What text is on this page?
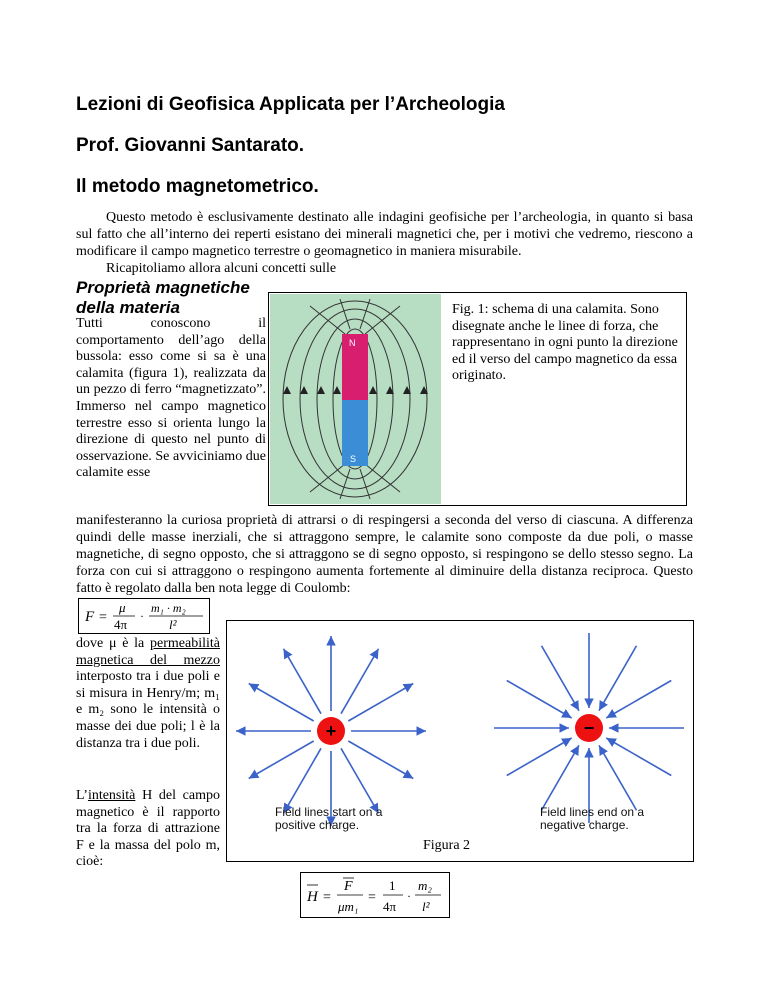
Lezioni di Geofisica Applicata per l’Archeologia
Prof. Giovanni Santarato.
Il metodo magnetometrico.
Questo metodo è esclusivamente destinato alle indagini geofisiche per l’archeologia, in quanto si basa sul fatto che all’interno dei reperti esistano dei minerali magnetici che, per i motivi che vedremo, riescono a modificare il campo magnetico terrestre o geomagnetico in maniera misurabile.
Ricapitoliamo allora alcuni concetti sulle
Proprietà magnetiche
della materia
Tutti conoscono il comportamento dell’ago della bussola: esso come si sa è una calamita (figura 1), realizzata da un pezzo di ferro “magnetizzato”. Immerso nel campo magnetico terrestre esso si orienta lungo la direzione di questo nel punto di osservazione. Se avviciniamo due calamite esse
N
S
Fig. 1: schema di una calamita. Sono disegnate anche le linee di forza, che rappresentano in ogni punto la direzione ed il verso del campo magnetico da essa originato.
manifesteranno la curiosa proprietà di attrarsi o di respingersi a seconda del verso di ciascuna. A differenza quindi delle masse inerziali, che si attraggono sempre, le calamite sono composte da due poli, o masse magnetiche, di segno opposto, che si attraggono se di segno opposto, si respingono se dello stesso segno. La forza con cui si attraggono o respingono aumenta fortemente al diminuire della distanza reciproca. Questo fatto è regolato dalla ben nota legge di Coulomb:
F =
μ
4π
·
m₁ · m₂
l²
dove μ è la permeabilità magnetica del mezzo interposto tra i due poli e si misura in Henry/m; m₁ e m₂ sono le intensità o masse dei due poli; l è la distanza tra i due poli.
L’intensità H del campo magnetico è il rapporto tra la forza di attrazione F e la massa del polo m, cioè:
+	−
Field lines start on a positive charge.
Field lines end on a negative charge.
Figura 2
H =
F
μm₁
=
1
4π
·
m₂
l²
